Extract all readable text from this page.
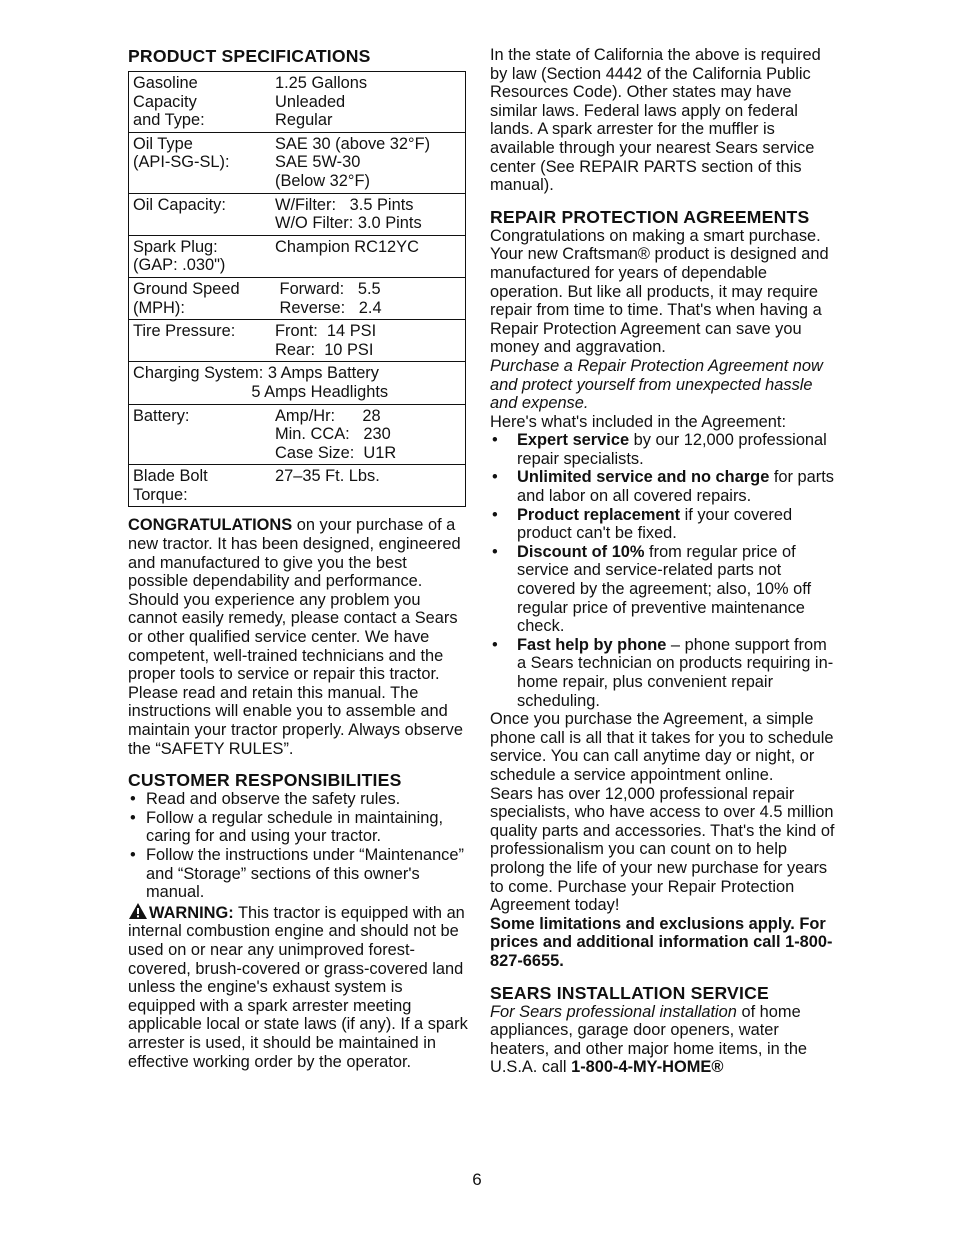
PRODUCT SPECIFICATIONS
Gasoline
Capacity
and Type:	1.25 Gallons
Unleaded
Regular

Oil Type
(API-SG-SL):	SAE 30 (above 32°F)
SAE 5W-30
(Below 32°F)

Oil Capacity:	W/Filter:   3.5 Pints
W/O Filter: 3.0 Pints

Spark Plug:
(GAP: .030")	Champion RC12YC

Ground Speed
(MPH):	Forward:   5.5
Reverse:   2.4

Tire Pressure:	Front:  14 PSI
Rear:  10 PSI

Charging System: 3 Amps Battery
5 Amps Headlights	

Battery:	Amp/Hr:      28
Min. CCA:   230
Case Size:  U1R

Blade Bolt
Torque:	27–35 Ft. Lbs.

CONGRATULATIONS on your purchase of a new tractor. It has been designed, engineered and manufactured to give you the best possible dependability and performance.

Should you experience any problem you cannot easily remedy, please contact a Sears or other qualified service center. We have competent, well-trained technicians and the proper tools to service or repair this tractor.

Please read and retain this manual. The instructions will enable you to assemble and maintain your tractor properly. Always observe the “SAFETY RULES”.

CUSTOMER RESPONSIBILITIES
• Read and observe the safety rules.
• Follow a regular schedule in maintaining, caring for and using your tractor.
• Follow the instructions under “Maintenance” and “Storage” sections of this owner's manual.

WARNING: This tractor is equipped with an internal combustion engine and should not be used on or near any unimproved forest-covered, brush-covered or grass-covered land unless the engine's exhaust system is equipped with a spark arrester meeting applicable local or state laws (if any). If a spark arrester is used, it should be maintained in effective working order by the operator.

In the state of California the above is required by law (Section 4442 of the California Public Resources Code). Other states may have similar laws. Federal laws apply on federal lands. A spark arrester for the muffler is available through your nearest Sears service center (See REPAIR PARTS section of this manual).

REPAIR PROTECTION AGREEMENTS

Congratulations on making a smart purchase. Your new Craftsman® product is designed and manufactured for years of dependable operation. But like all products, it may require repair from time to time. That's when having a Repair Protection Agreement can save you money and aggravation.

Purchase a Repair Protection Agreement now and protect yourself from unexpected hassle and expense.

Here's what's included in the Agreement:

• Expert service by our 12,000 professional repair specialists.
• Unlimited service and no charge for parts and labor on all covered repairs.
• Product replacement if your covered product can't be fixed.
• Discount of 10% from regular price of service and service-related parts not covered by the agreement; also, 10% off regular price of preventive maintenance check.
• Fast help by phone – phone support from a Sears technician on products requiring in-home repair, plus convenient repair scheduling.

Once you purchase the Agreement, a simple phone call is all that it takes for you to schedule service. You can call anytime day or night, or schedule a service appointment online.

Sears has over 12,000 professional repair specialists, who have access to over 4.5 million quality parts and accessories. That's the kind of professionalism you can count on to help prolong the life of your new purchase for years to come. Purchase your Repair Protection Agreement today!

Some limitations and exclusions apply. For prices and additional information call 1-800-827-6655.

SEARS INSTALLATION SERVICE

For Sears professional installation of home appliances, garage door openers, water heaters, and other major home items, in the U.S.A. call 1-800-4-MY-HOME®

6
